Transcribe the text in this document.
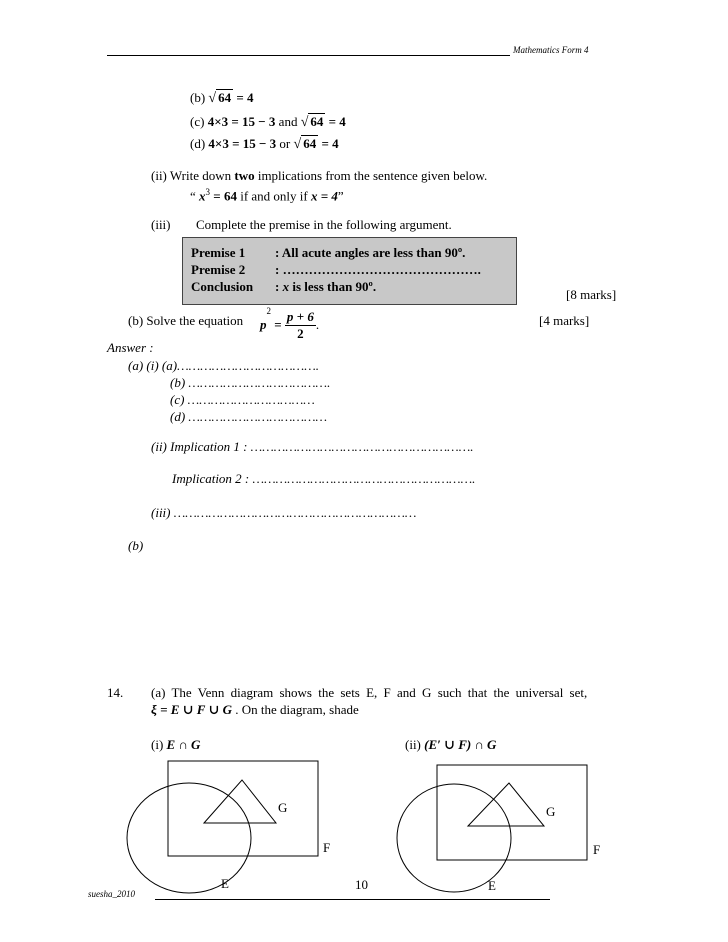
Mathematics Form 4
(b) √ 64 = 4
(c) 4×3 = 15 − 3 and √ 64 = 4
(d) 4×3 = 15 − 3 or √ 64 = 4
(ii) Write down two implications from the sentence given below.
“ $x^3 = 64$ if and only if x = 4”
(iii) Complete the premise in the following argument.
Premise 1 : All acute angles are less than 90º.
Premise 2 : ……………………………………….
Conclusion : x is less than 90º.
[8 marks]
(b) Solve the equation $p^2 = \frac{p + 6}{2}$ .	[4 marks]
Answer :
(a) (i) (a)……………………………….
(b) ……………………………….
(c) ……………………………
(d) ………………………………
(ii) Implication 1 : ………………………………………………….
Implication 2 : ………………………………………………….
(iii) ………………………………………………………
(b)
14. (a) The Venn diagram shows the sets E, F and G such that the universal set,
ξ = E ∪ F ∪ G . On the diagram, shade
(i) E ∩ G	(ii) (E′ ∪ F) ∩ G
G
F
E
G
F
E
10
suesha_2010
